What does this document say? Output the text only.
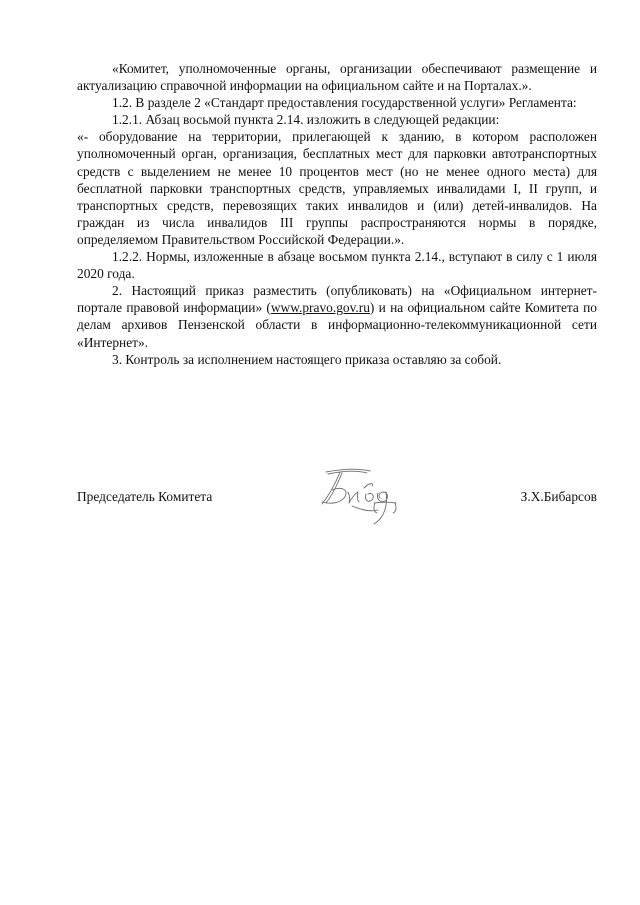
«Комитет, уполномоченные органы, организации обеспечивают размещение и актуализацию справочной информации на официальном сайте и на Порталах.».

1.2. В разделе 2 «Стандарт предоставления государственной услуги» Регламента:

1.2.1. Абзац восьмой пункта 2.14. изложить в следующей редакции:

«- оборудование на территории, прилегающей к зданию, в котором расположен уполномоченный орган, организация, бесплатных мест для парковки автотранспортных средств с выделением не менее 10 процентов мест (но не менее одного места) для бесплатной парковки транспортных средств, управляемых инвалидами I, II групп, и транспортных средств, перевозящих таких инвалидов и (или) детей-инвалидов. На граждан из числа инвалидов III группы распространяются нормы в порядке, определяемом Правительством Российской Федерации.».

1.2.2. Нормы, изложенные в абзаце восьмом пункта 2.14., вступают в силу с 1 июля 2020 года.

2. Настоящий приказ разместить (опубликовать) на «Официальном интернет-портале правовой информации» (www.pravo.gov.ru) и на официальном сайте Комитета по делам архивов Пензенской области в информационно-телекоммуникационной сети «Интернет».

3. Контроль за исполнением настоящего приказа оставляю за собой.

Председатель Комитета	З.Х.Бибарсов
